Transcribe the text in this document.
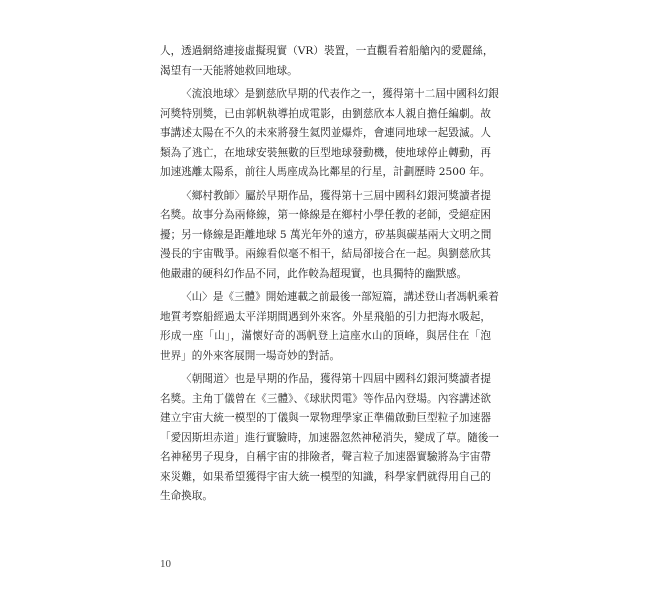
人，透過網絡連接虛擬現實（VR）裝置，一直觀看着船艙內的愛麗絲，
渴望有一天能將她救回地球。
〈流浪地球〉是劉慈欣早期的代表作之一，獲得第十二屆中國科幻銀
河獎特別獎，已由郭帆執導拍成電影，由劉慈欣本人親自擔任編劇。故
事講述太陽在不久的未來將發生氦閃並爆炸，會連同地球一起毀滅。人
類為了逃亡，在地球安裝無數的巨型地球發動機，使地球停止轉動，再
加速逃離太陽系，前往人馬座成為比鄰星的行星，計劃歷時 2500 年。
〈鄉村教師〉屬於早期作品，獲得第十三屆中國科幻銀河獎讀者提
名獎。故事分為兩條線，第一條線是在鄉村小學任教的老師，受絕症困
擾；另一條線是距離地球 5 萬光年外的遠方，矽基與碳基兩大文明之間
漫長的宇宙戰爭。兩線看似毫不相干，結局卻接合在一起。與劉慈欣其
他嚴肅的硬科幻作品不同，此作較為超現實，也具獨特的幽默感。
〈山〉是《三體》開始連載之前最後一部短篇，講述登山者馮帆乘着
地質考察船經過太平洋期間遇到外來客。外星飛船的引力把海水吸起，
形成一座「山」，滿懷好奇的馮帆登上這座水山的頂峰，與居住在「泡
世界」的外來客展開一場奇妙的對話。
〈朝聞道〉也是早期的作品，獲得第十四屆中國科幻銀河獎讀者提
名獎。主角丁儀曾在《三體》、《球狀閃電》等作品內登場。內容講述欲
建立宇宙大統一模型的丁儀與一眾物理學家正準備啟動巨型粒子加速器
「愛因斯坦赤道」進行實驗時，加速器忽然神秘消失，變成了草。隨後一
名神秘男子現身，自稱宇宙的排險者，聲言粒子加速器實驗將為宇宙帶
來災難，如果希望獲得宇宙大統一模型的知識，科學家們就得用自己的
生命換取。
10
